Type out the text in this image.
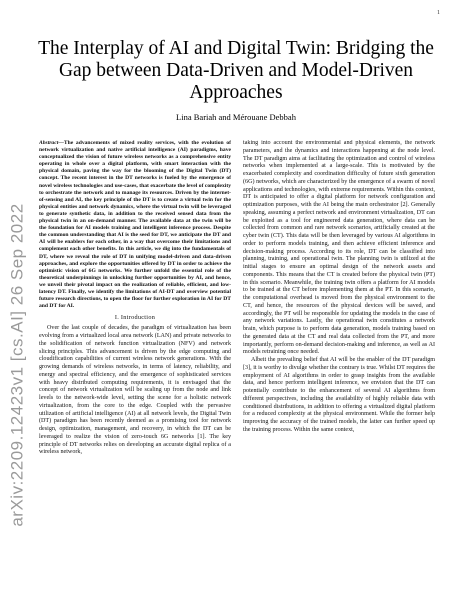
1
arXiv:2209.12423v1 [cs.AI] 26 Sep 2022
The Interplay of AI and Digital Twin: Bridging the Gap between Data-Driven and Model-Driven Approaches
Lina Bariah and Mérouane Debbah

Abstract—The advancements of mixed reality services, with the evolution of network virtualization and native artificial intelligence (AI) paradigms, have conceptualized the vision of future wireless networks as a comprehensive entity operating in whole over a digital platform, with smart interaction with the physical domain, paving the way for the blooming of the Digital Twin (DT) concept. The recent interest in the DT networks is fueled by the emergence of novel wireless technologies and use-cases, that exacerbate the level of complexity to orchestrate the network and to manage its resources. Driven by the internet-of-sensing and AI, the key principle of the DT is to create a virtual twin for the physical entities and network dynamics, where the virtual twin will be leveraged to generate synthetic data, in addition to the received sensed data from the physical twin in an on-demand manner. The available data at the twin will be the foundation for AI models training and intelligent inference process. Despite the common understanding that AI is the seed for DT, we anticipate the DT and AI will be enablers for each other, in a way that overcome their limitations and complement each other benefits. In this article, we dig into the fundamentals of DT, where we reveal the role of DT in unifying model-driven and data-driven approaches, and explore the opportunities offered by DT in order to achieve the optimistic vision of 6G networks. We further unfold the essential role of the theoretical underpinnings in unlocking further opportunities by AI, and hence, we unveil their pivotal impact on the realization of reliable, efficient, and low-latency DT. Finally, we identify the limitations of AI-DT and overview potential future research directions, to open the floor for further exploration in AI for DT and DT for AI.

I. Introduction

Over the last couple of decades, the paradigm of virtualization has been evolving from a virtualized local area network (LAN) and private networks to the solidification of network function virtualization (NFV) and network slicing principles. This advancement is driven by the edge computing and cloudification capabilities of current wireless network generations. With the growing demands of wireless networks, in terms of latency, reliability, and energy and spectral efficiency, and the emergence of sophisticated services with heavy distributed computing requirements, it is envisaged that the concept of network virtualization will be scaling up from the node and link levels to the network-wide level, setting the scene for a holistic network virtualization, from the core to the edge. Coupled with the pervasive utilization of artificial intelligence (AI) at all network levels, the Digital Twin (DT) paradigm has been recently deemed as a promising tool for network design, optimization, management, and recovery, in which the DT can be leveraged to realize the vision of zero-touch 6G networks [1]. The key principle of DT networks relies on developing an accurate digital replica of a wireless network,

taking into account the environmental and physical elements, the network parameters, and the dynamics and interactions happening at the node level. The DT paradigm aims at facilitating the optimization and control of wireless networks when implemented at a large-scale. This is motivated by the exacerbated complexity and coordination difficulty of future sixth generation (6G) networks, which are characterized by the emergence of a swarm of novel applications and technologies, with extreme requirements. Within this context, DT is anticipated to offer a digital platform for network configuration and optimization purposes, with the AI being the main orchestrator [2]. Generally speaking, assuming a perfect network and environment virtualization, DT can be exploited as a tool for engineered data generation, where data can be collected from common and rare network scenarios, artificially created at the cyber twin (CT). This data will be then leveraged by various AI algorithms in order to perform models training, and then achieve efficient inference and decision-making process. According to its role, DT can be classified into planning, training, and operational twin. The planning twin is utilized at the initial stages to ensure an optimal design of the network assets and components. This means that the CT is created before the physical twin (PT) in this scenario. Meanwhile, the training twin offers a platform for AI models to be trained at the CT before implementing them at the PT. In this scenario, the computational overhead is moved from the physical environment to the CT, and hence, the resources of the physical devices will be saved, and accordingly, the PT will be responsible for updating the models in the case of any network variations. Lastly, the operational twin constitutes a network brain, which purpose is to perform data generation, models training based on the generated data at the CT and real data collected from the PT, and more importantly, perform on-demand decision-making and inference, as well as AI models retraining once needed.

Albeit the prevailing belief that AI will be the enabler of the DT paradigm [3], it is worthy to divulge whether the contrary is true. Whilst DT requires the employment of AI algorithms in order to grasp insights from the available data, and hence perform intelligent inference, we envision that the DT can potentially contribute to the enhancement of several AI algorithms from different perspectives, including the availability of highly reliable data with conditioned distributions, in addition to offering a virtualized digital platform for a reduced complexity at the physical environment. While the former help improving the accuracy of the trained models, the latter can further speed up the training process. Within the same context,
